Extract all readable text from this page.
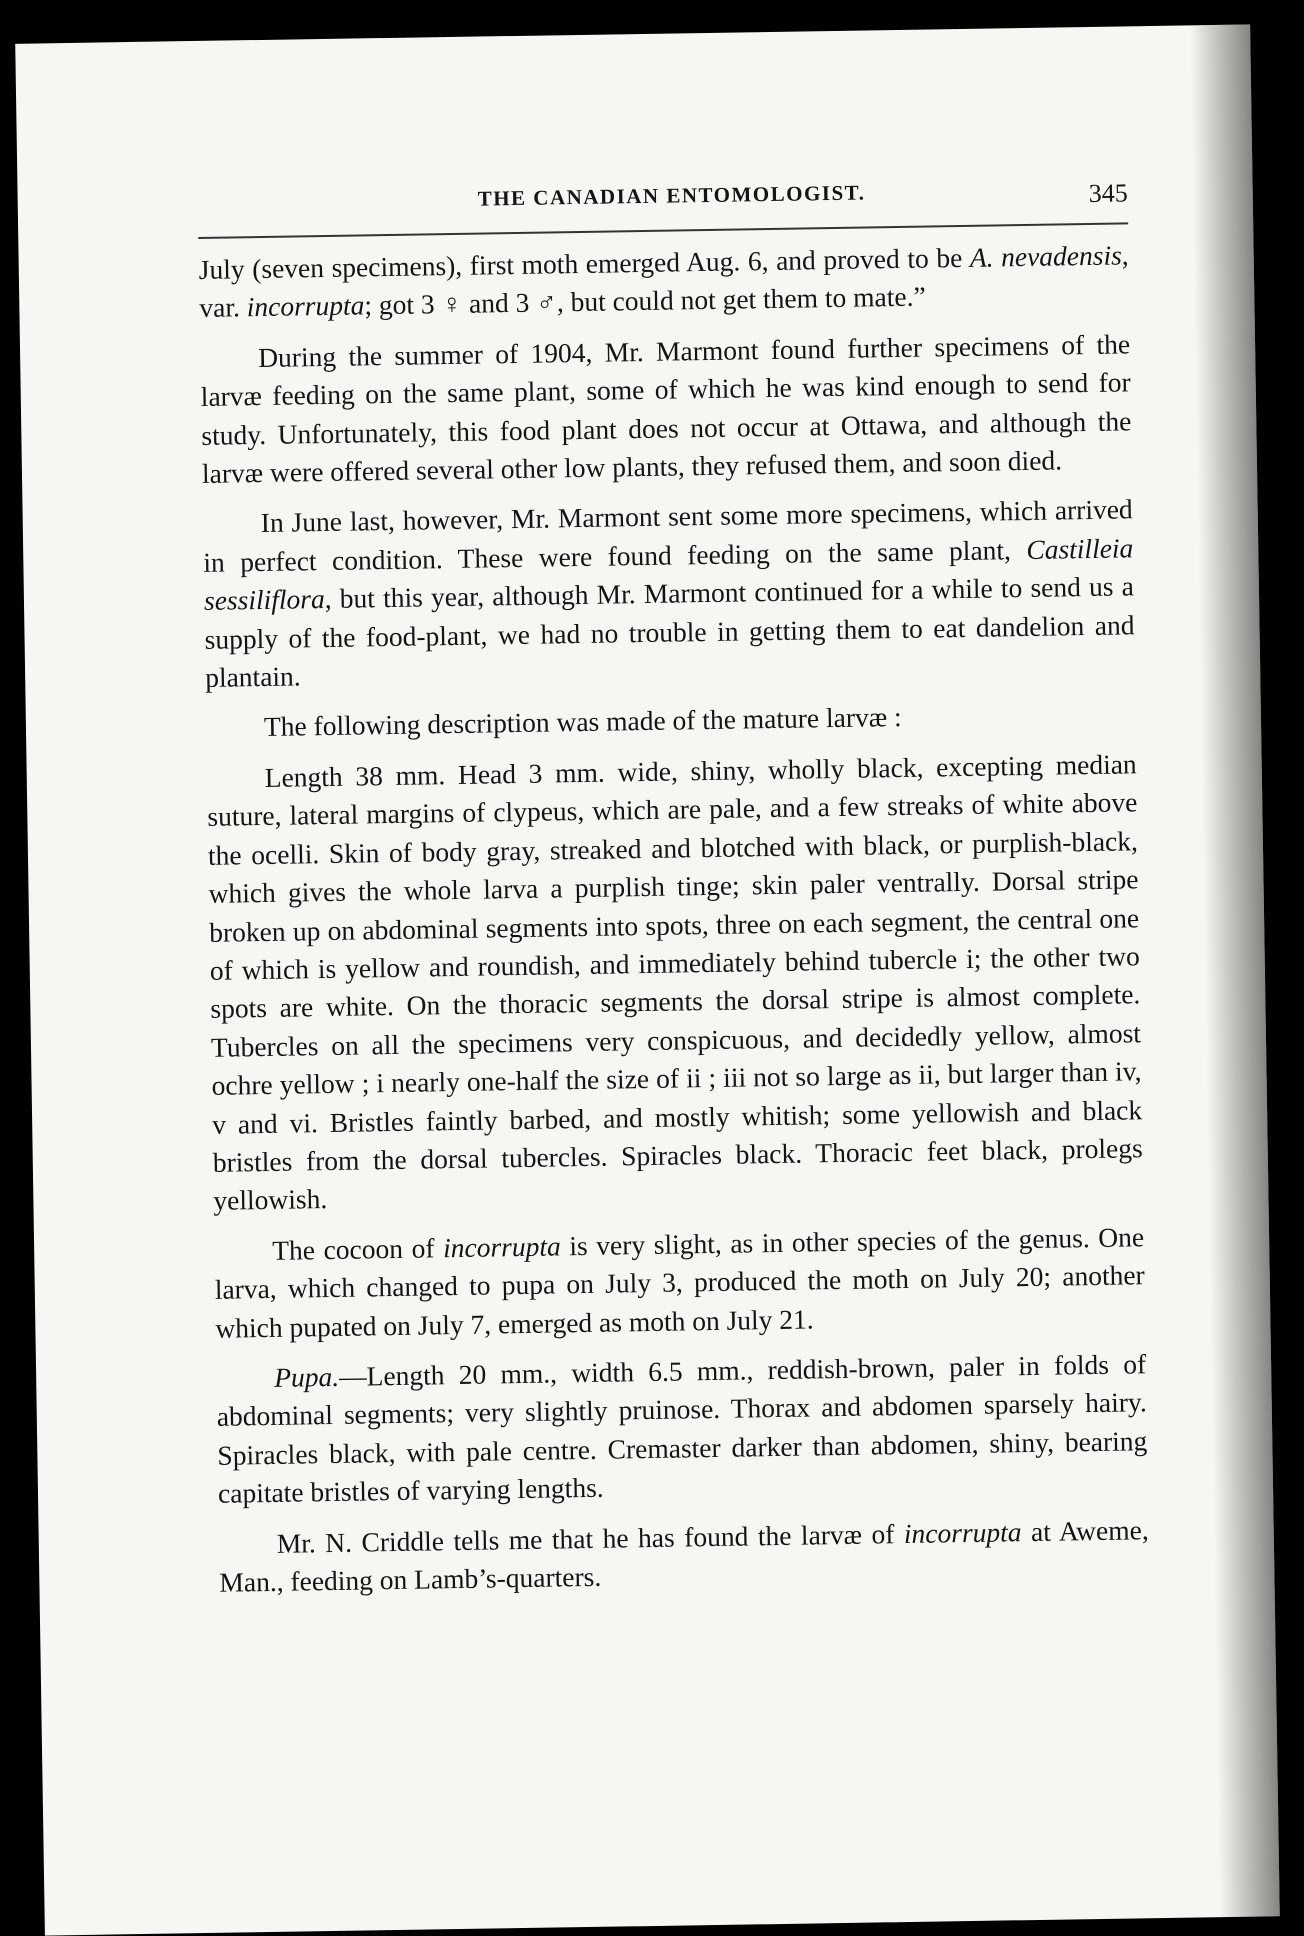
THE CANADIAN ENTOMOLOGIST.	345

July (seven specimens), first moth emerged Aug. 6, and proved to be A. nevadensis, var. incorrupta; got 3 ♀ and 3 ♂, but could not get them to mate.”

During the summer of 1904, Mr. Marmont found further specimens of the larvæ feeding on the same plant, some of which he was kind enough to send for study. Unfortunately, this food plant does not occur at Ottawa, and although the larvæ were offered several other low plants, they refused them, and soon died.

In June last, however, Mr. Marmont sent some more specimens, which arrived in perfect condition. These were found feeding on the same plant, Castilleia sessiliflora, but this year, although Mr. Marmont continued for a while to send us a supply of the food-plant, we had no trouble in getting them to eat dandelion and plantain.

The following description was made of the mature larvæ :

Length 38 mm. Head 3 mm. wide, shiny, wholly black, excepting median suture, lateral margins of clypeus, which are pale, and a few streaks of white above the ocelli. Skin of body gray, streaked and blotched with black, or purplish-black, which gives the whole larva a purplish tinge; skin paler ventrally. Dorsal stripe broken up on abdominal segments into spots, three on each segment, the central one of which is yellow and roundish, and immediately behind tubercle i; the other two spots are white. On the thoracic segments the dorsal stripe is almost complete. Tubercles on all the specimens very conspicuous, and decidedly yellow, almost ochre yellow ; i nearly one-half the size of ii ; iii not so large as ii, but larger than iv, v and vi. Bristles faintly barbed, and mostly whitish; some yellowish and black bristles from the dorsal tubercles. Spiracles black. Thoracic feet black, prolegs yellowish.

The cocoon of incorrupta is very slight, as in other species of the genus. One larva, which changed to pupa on July 3, produced the moth on July 20; another which pupated on July 7, emerged as moth on July 21.

Pupa.—Length 20 mm., width 6.5 mm., reddish-brown, paler in folds of abdominal segments; very slightly pruinose. Thorax and abdomen sparsely hairy. Spiracles black, with pale centre. Cremaster darker than abdomen, shiny, bearing capitate bristles of varying lengths.

Mr. N. Criddle tells me that he has found the larvæ of incorrupta at Aweme, Man., feeding on Lamb’s-quarters.
